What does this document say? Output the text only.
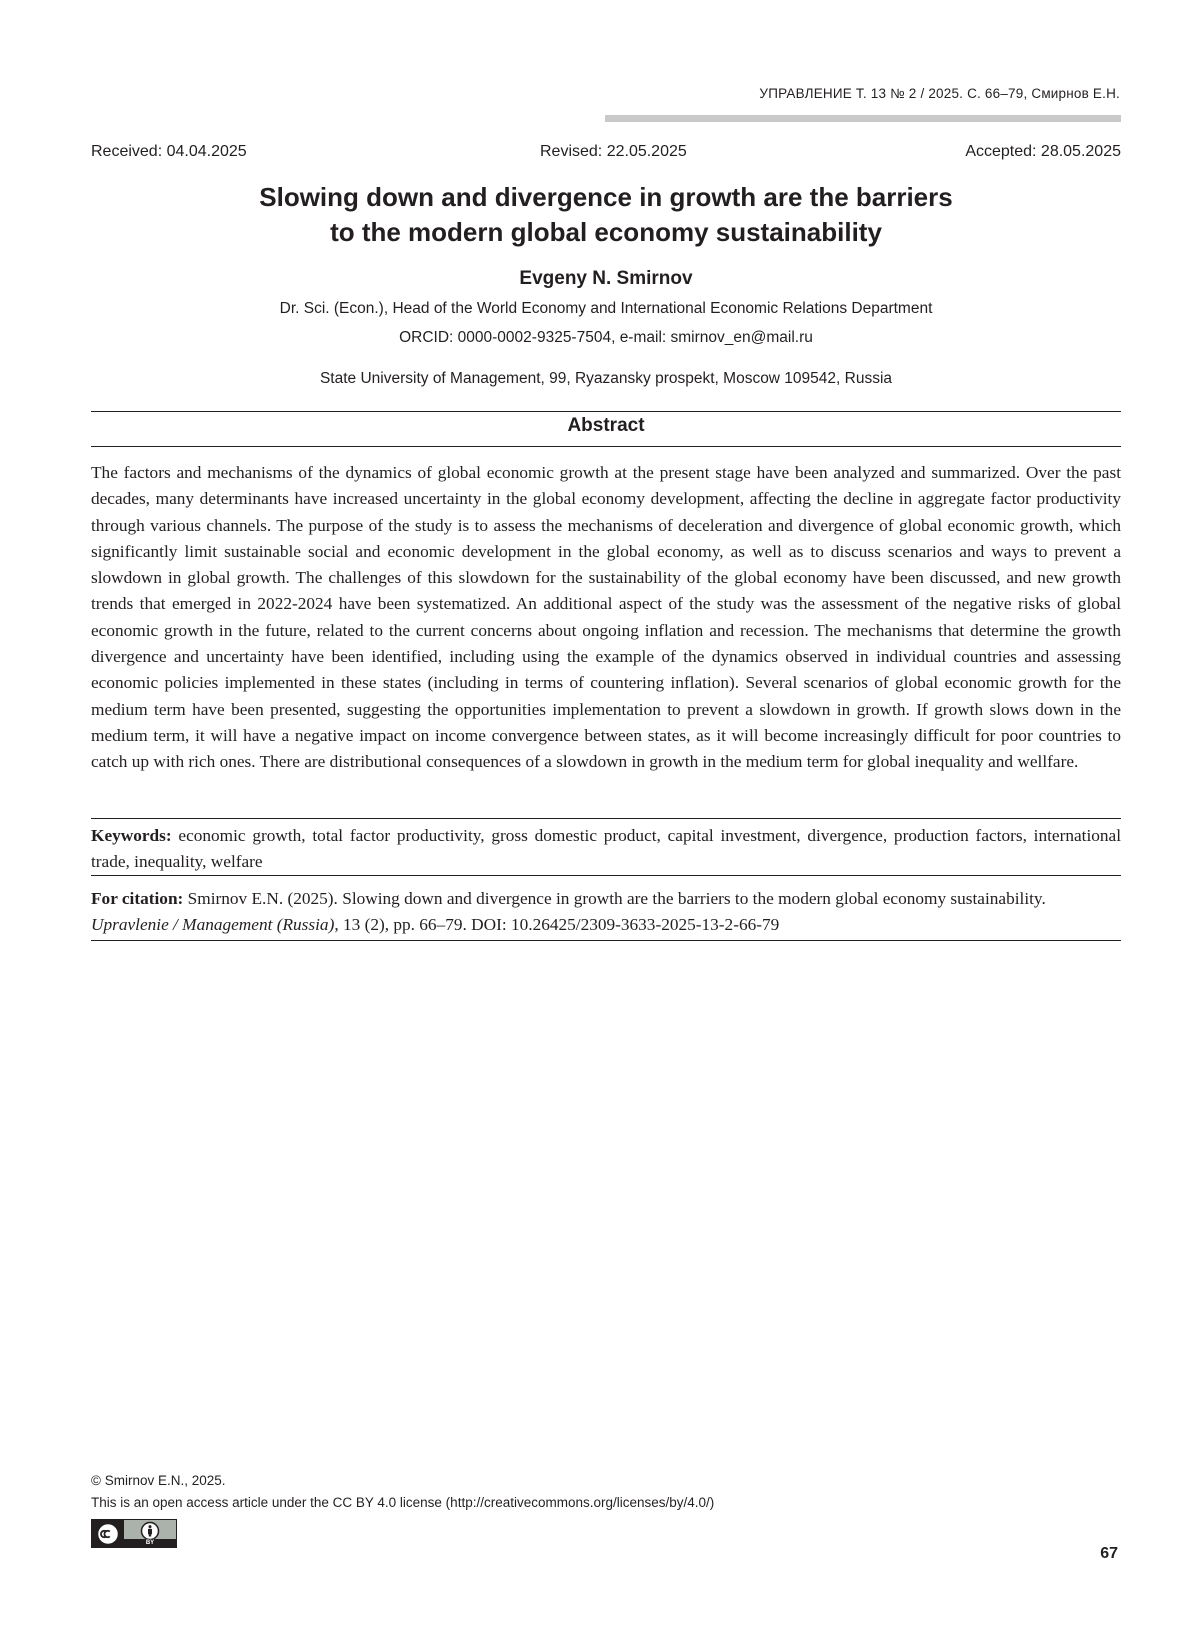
УПРАВЛЕНИЕ Т. 13 № 2 / 2025. С. 66–79, Смирнов Е.Н.
Received: 04.04.2025	Revised: 22.05.2025	Accepted: 28.05.2025
Slowing down and divergence in growth are the barriers
to the modern global economy sustainability
Evgeny N. Smirnov
Dr. Sci. (Econ.), Head of the World Economy and International Economic Relations Department
ORCID: 0000-0002-9325-7504, e-mail: smirnov_en@mail.ru
State University of Management, 99, Ryazansky prospekt, Moscow 109542, Russia
Abstract

The factors and mechanisms of the dynamics of global economic growth at the present stage have been analyzed and summarized. Over the past decades, many determinants have increased uncertainty in the global economy development, affecting the decline in aggregate factor productivity through various channels. The purpose of the study is to assess the mechanisms of deceleration and divergence of global economic growth, which significantly limit sustainable social and economic development in the global economy, as well as to discuss scenarios and ways to prevent a slowdown in global growth. The challenges of this slowdown for the sustainability of the global economy have been discussed, and new growth trends that emerged in 2022-2024 have been systematized. An additional aspect of the study was the assessment of the negative risks of global economic growth in the future, related to the current concerns about ongoing inflation and recession. The mechanisms that determine the growth divergence and uncertainty have been identified, including using the example of the dynamics observed in individual countries and assessing economic policies implemented in these states (including in terms of countering inflation). Several scenarios of global economic growth for the medium term have been presented, suggesting the opportunities implementation to prevent a slowdown in growth. If growth slows down in the medium term, it will have a negative impact on income convergence between states, as it will become increasingly difficult for poor countries to catch up with rich ones. There are distributional consequences of a slowdown in growth in the medium term for global inequality and wellfare.

Keywords: economic growth, total factor productivity, gross domestic product, capital investment, divergence, production factors, international trade, inequality, welfare

For citation: Smirnov E.N. (2025). Slowing down and divergence in growth are the barriers to the modern global economy sustainability.
Upravlenie / Management (Russia), 13 (2), pp. 66–79. DOI: 10.26425/2309-3633-2025-13-2-66-79

© Smirnov E.N., 2025.
This is an open access article under the CC BY 4.0 license (http://creativecommons.org/licenses/by/4.0/)
BY
67
